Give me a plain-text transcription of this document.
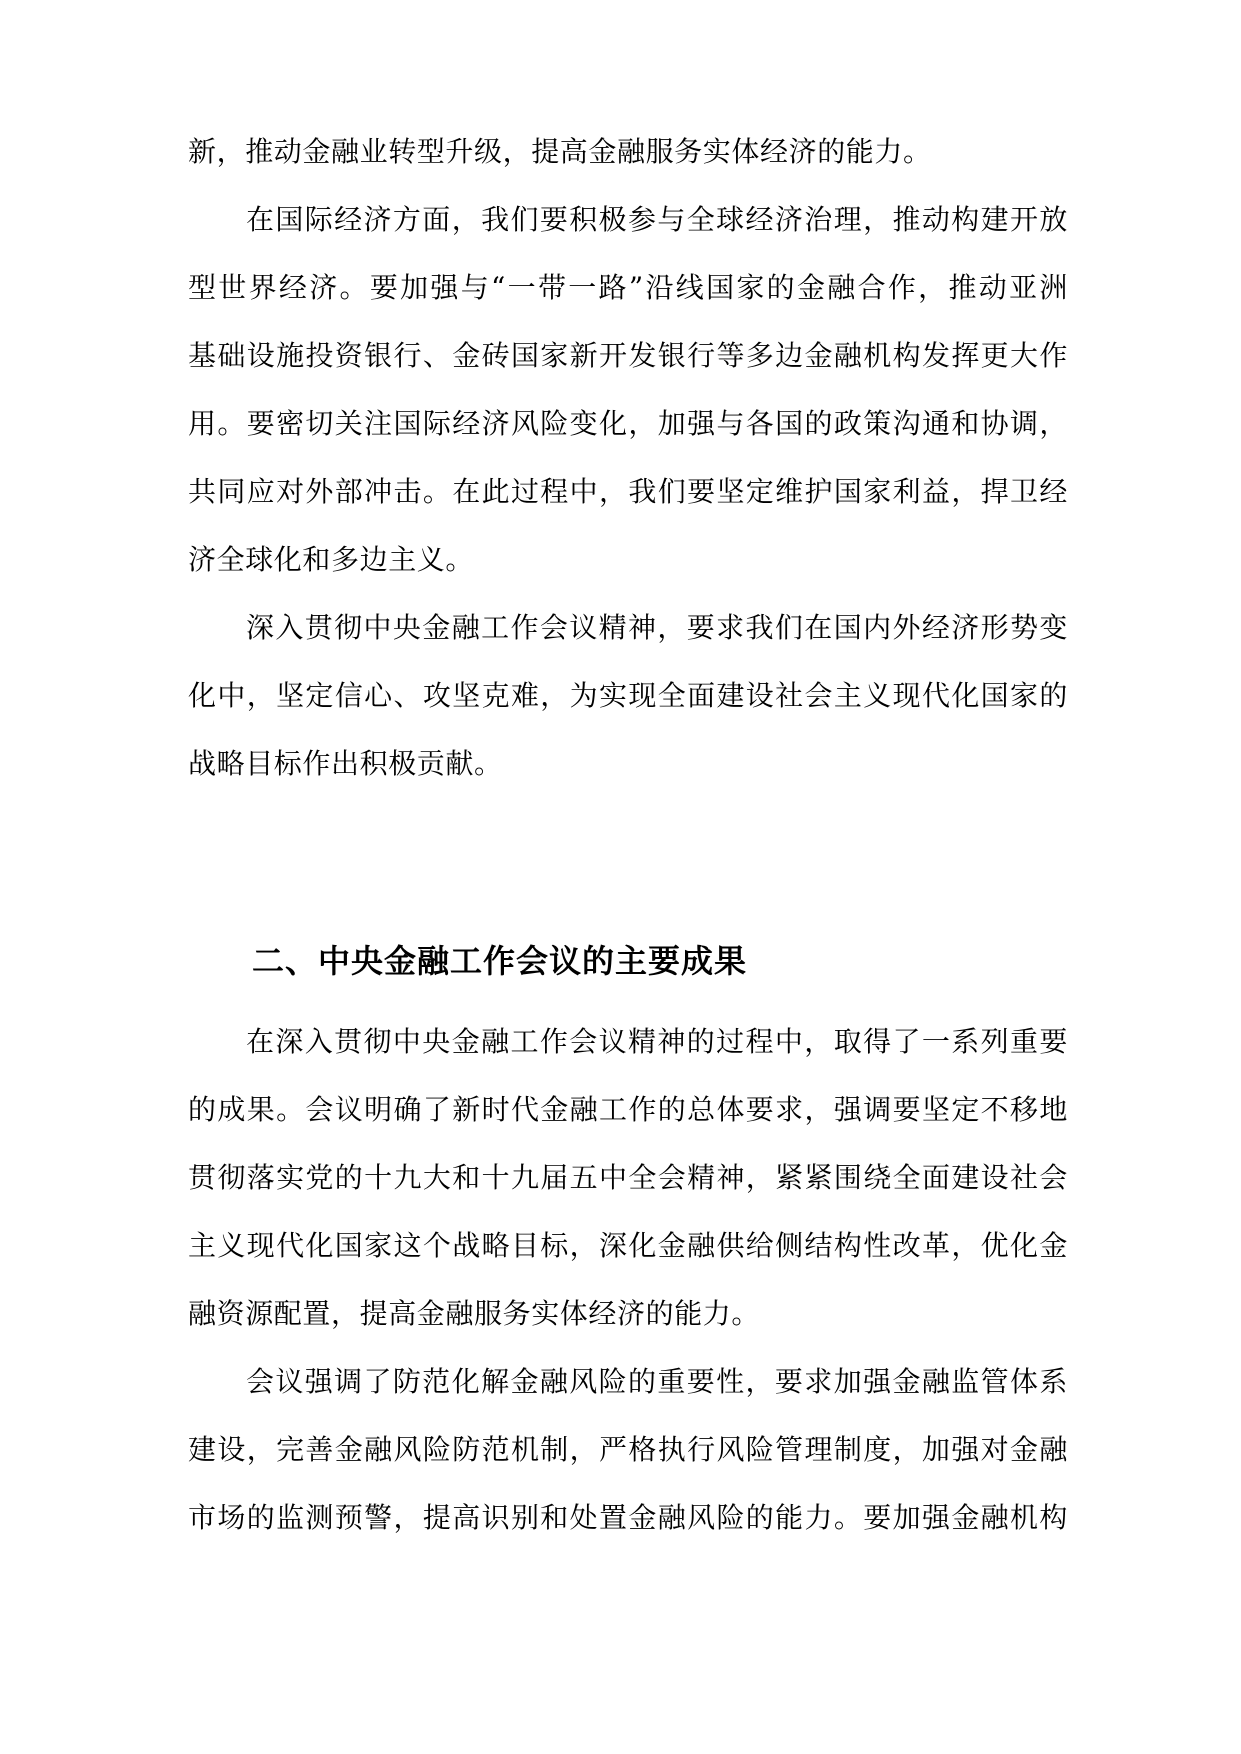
新，推动金融业转型升级，提高金融服务实体经济的能力。
在国际经济方面，我们要积极参与全球经济治理，推动构建开放
型世界经济。要加强与“一带一路”沿线国家的金融合作，推动亚洲
基础设施投资银行、金砖国家新开发银行等多边金融机构发挥更大作
用。要密切关注国际经济风险变化，加强与各国的政策沟通和协调，
共同应对外部冲击。在此过程中，我们要坚定维护国家利益，捍卫经
济全球化和多边主义。
深入贯彻中央金融工作会议精神，要求我们在国内外经济形势变
化中，坚定信心、攻坚克难，为实现全面建设社会主义现代化国家的
战略目标作出积极贡献。
二、中央金融工作会议的主要成果
在深入贯彻中央金融工作会议精神的过程中，取得了一系列重要
的成果。会议明确了新时代金融工作的总体要求，强调要坚定不移地
贯彻落实党的十九大和十九届五中全会精神，紧紧围绕全面建设社会
主义现代化国家这个战略目标，深化金融供给侧结构性改革，优化金
融资源配置，提高金融服务实体经济的能力。
会议强调了防范化解金融风险的重要性，要求加强金融监管体系
建设，完善金融风险防范机制，严格执行风险管理制度，加强对金融
市场的监测预警，提高识别和处置金融风险的能力。要加强金融机构
